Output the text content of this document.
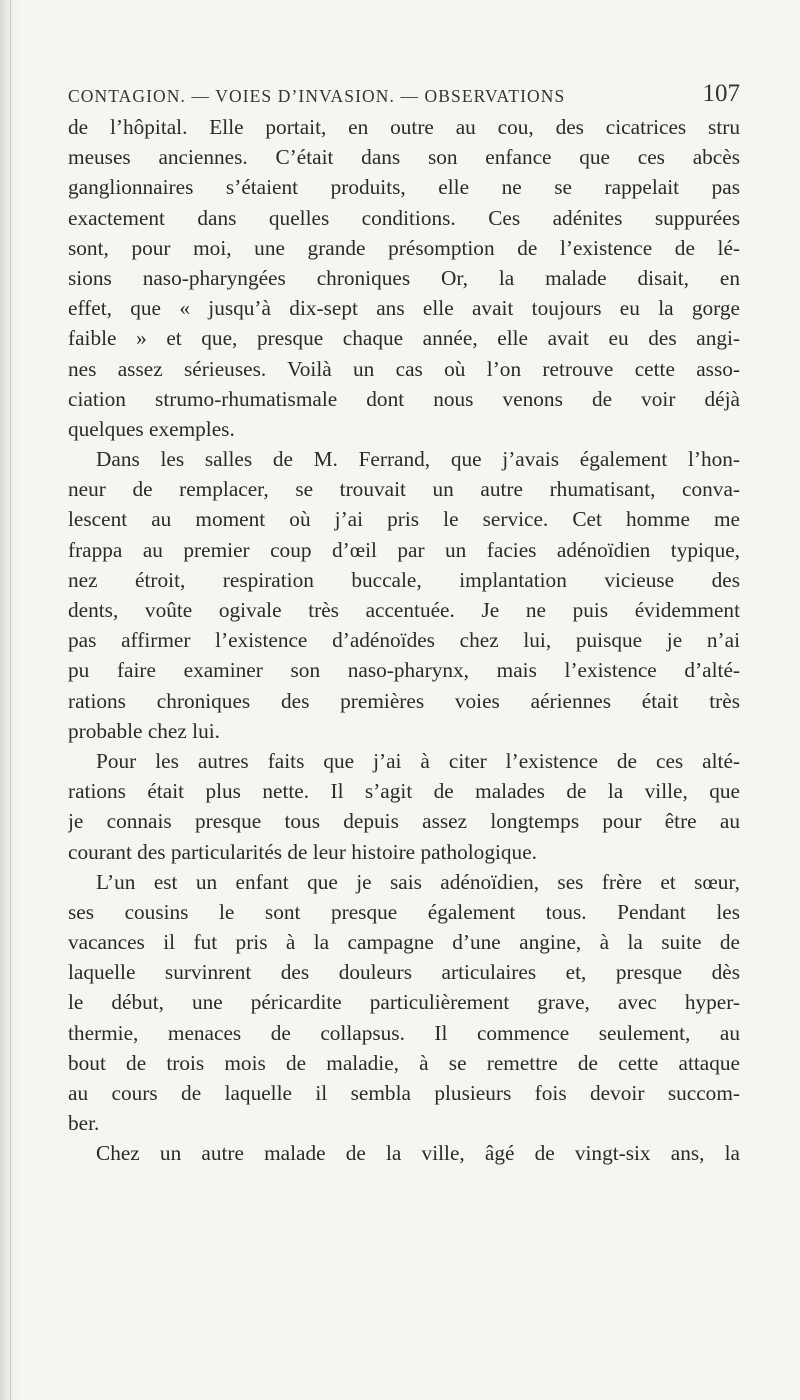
CONTAGION. — VOIES D’INVASION. — OBSERVATIONS	107
de l’hôpital. Elle portait, en outre au cou, des cicatrices stru
meuses anciennes. C’était dans son enfance que ces abcès
ganglionnaires s’étaient produits, elle ne se rappelait pas
exactement dans quelles conditions. Ces adénites suppurées
sont, pour moi, une grande présomption de l’existence de lé-
sions naso-pharyngées chroniques Or, la malade disait, en
effet, que « jusqu’à dix-sept ans elle avait toujours eu la gorge
faible » et que, presque chaque année, elle avait eu des angi-
nes assez sérieuses. Voilà un cas où l’on retrouve cette asso-
ciation strumo-rhumatismale dont nous venons de voir déjà
quelques exemples.
Dans les salles de M. Ferrand, que j’avais également l’hon-
neur de remplacer, se trouvait un autre rhumatisant, conva-
lescent au moment où j’ai pris le service. Cet homme me
frappa au premier coup d’œil par un facies adénoïdien typique,
nez étroit, respiration buccale, implantation vicieuse des
dents, voûte ogivale très accentuée. Je ne puis évidemment
pas affirmer l’existence d’adénoïdes chez lui, puisque je n’ai
pu faire examiner son naso-pharynx, mais l’existence d’alté-
rations chroniques des premières voies aériennes était très
probable chez lui.
Pour les autres faits que j’ai à citer l’existence de ces alté-
rations était plus nette. Il s’agit de malades de la ville, que
je connais presque tous depuis assez longtemps pour être au
courant des particularités de leur histoire pathologique.
L’un est un enfant que je sais adénoïdien, ses frère et sœur,
ses cousins le sont presque également tous. Pendant les
vacances il fut pris à la campagne d’une angine, à la suite de
laquelle survinrent des douleurs articulaires et, presque dès
le début, une péricardite particulièrement grave, avec hyper-
thermie, menaces de collapsus. Il commence seulement, au
bout de trois mois de maladie, à se remettre de cette attaque
au cours de laquelle il sembla plusieurs fois devoir succom-
ber.
Chez un autre malade de la ville, âgé de vingt-six ans, la
